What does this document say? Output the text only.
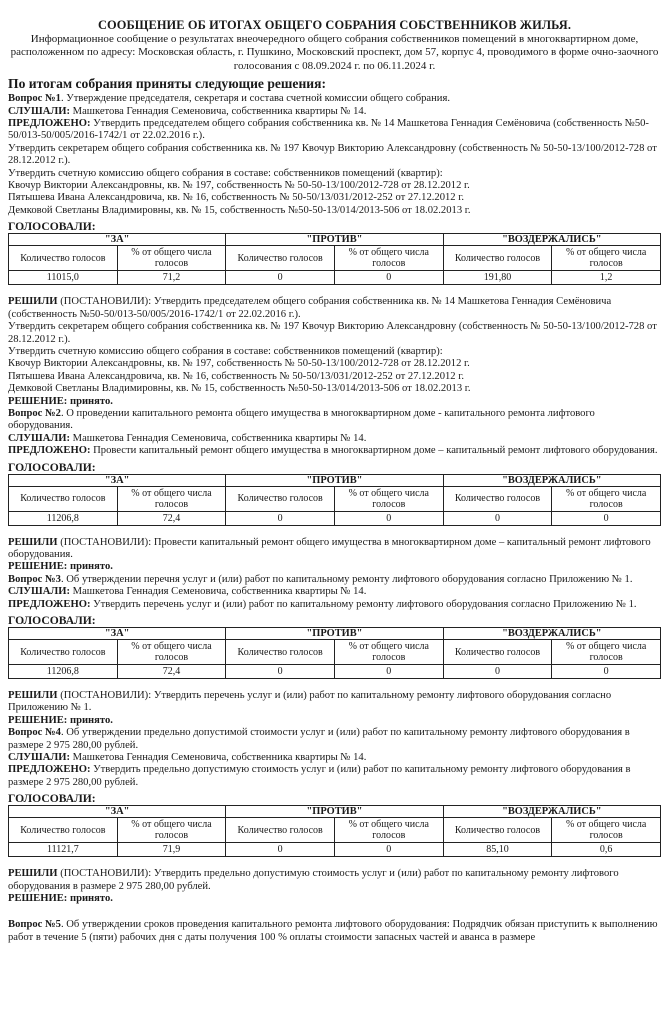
СООБЩЕНИЕ ОБ ИТОГАХ ОБЩЕГО СОБРАНИЯ СОБСТВЕННИКОВ ЖИЛЬЯ.
Информационное сообщение о результатах внеочередного общего собрания собственников помещений в многоквартирном доме, расположенном по адресу: Московская область, г. Пушкино, Московский проспект, дом 57, корпус 4, проводимого в форме очно-заочного голосования с 08.09.2024 г. по 06.11.2024 г.
По итогам собрания приняты следующие решения:

Вопрос №1. Утверждение председателя, секретаря и состава счетной комиссии общего собрания.

СЛУШАЛИ: Машкетова Геннадия Семеновича, собственника квартиры № 14.

ПРЕДЛОЖЕНО: Утвердить председателем общего собрания собственника кв. № 14 Машкетова Геннадия Семёновича (собственность №50-50/013-50/005/2016-1742/1 от 22.02.2016 г.).

Утвердить секретарем общего собрания собственника кв. № 197 Квочур Викторию Александровну (собственность № 50-50-13/100/2012-728 от 28.12.2012 г.).

Утвердить счетную комиссию общего собрания в составе: собственников помещений (квартир):

Квочур Виктории Александровны, кв. № 197, собственность № 50-50-13/100/2012-728 от 28.12.2012 г.

Пятышева Ивана Александровича, кв. № 16, собственность № 50-50/13/031/2012-252 от 27.12.2012 г.

Демковой Светланы Владимировны, кв. № 15, собственность №50-50-13/014/2013-506 от 18.02.2013 г.

ГОЛОСОВАЛИ:
"ЗА"		"ПРОТИВ"		"ВОЗДЕРЖАЛИСЬ"	
Количество голосов	% от общего числа голосов	Количество голосов	% от общего числа голосов	Количество голосов	% от общего числа голосов
11015,0	71,2	0	0	191,80	1,2

РЕШИЛИ (ПОСТАНОВИЛИ): Утвердить председателем общего собрания собственника кв. № 14 Машкетова Геннадия Семёновича (собственность №50-50/013-50/005/2016-1742/1 от 22.02.2016 г.).

Утвердить секретарем общего собрания собственника кв. № 197 Квочур Викторию Александровну (собственность № 50-50-13/100/2012-728 от 28.12.2012 г.).

Утвердить счетную комиссию общего собрания в составе: собственников помещений (квартир):

Квочур Виктории Александровны, кв. № 197, собственность № 50-50-13/100/2012-728 от 28.12.2012 г.

Пятышева Ивана Александровича, кв. № 16, собственность № 50-50/13/031/2012-252 от 27.12.2012 г.

Демковой Светланы Владимировны, кв. № 15, собственность №50-50-13/014/2013-506 от 18.02.2013 г.

РЕШЕНИЕ: принято.

Вопрос №2. О проведении капитального ремонта общего имущества в многоквартирном доме - капитального ремонта лифтового оборудования.

СЛУШАЛИ: Машкетова Геннадия Семеновича, собственника квартиры № 14.

ПРЕДЛОЖЕНО: Провести капитальный ремонт общего имущества в многоквартирном доме – капитальный ремонт лифтового оборудования.

ГОЛОСОВАЛИ:
"ЗА"		"ПРОТИВ"		"ВОЗДЕРЖАЛИСЬ"	
Количество голосов	% от общего числа голосов	Количество голосов	% от общего числа голосов	Количество голосов	% от общего числа голосов
11206,8	72,4	0	0	0	0

РЕШИЛИ (ПОСТАНОВИЛИ): Провести капитальный ремонт общего имущества в многоквартирном доме – капитальный ремонт лифтового оборудования.

РЕШЕНИЕ: принято.

Вопрос №3. Об утверждении перечня услуг и (или) работ по капитальному ремонту лифтового оборудования согласно Приложению № 1.

СЛУШАЛИ: Машкетова Геннадия Семеновича, собственника квартиры № 14.

ПРЕДЛОЖЕНО: Утвердить перечень услуг и (или) работ по капитальному ремонту лифтового оборудования согласно Приложению № 1.

ГОЛОСОВАЛИ:
"ЗА"		"ПРОТИВ"		"ВОЗДЕРЖАЛИСЬ"	
Количество голосов	% от общего числа голосов	Количество голосов	% от общего числа голосов	Количество голосов	% от общего числа голосов
11206,8	72,4	0	0	0	0

РЕШИЛИ (ПОСТАНОВИЛИ): Утвердить перечень услуг и (или) работ по капитальному ремонту лифтового оборудования согласно Приложению № 1.

РЕШЕНИЕ: принято.

Вопрос №4. Об утверждении предельно допустимой стоимости услуг и (или) работ по капитальному ремонту лифтового оборудования в размере 2 975 280,00 рублей.

СЛУШАЛИ: Машкетова Геннадия Семеновича, собственника квартиры № 14.

ПРЕДЛОЖЕНО: Утвердить предельно допустимую стоимость услуг и (или) работ по капитальному ремонту лифтового оборудования в размере 2 975 280,00 рублей.

ГОЛОСОВАЛИ:
"ЗА"		"ПРОТИВ"		"ВОЗДЕРЖАЛИСЬ"	
Количество голосов	% от общего числа голосов	Количество голосов	% от общего числа голосов	Количество голосов	% от общего числа голосов
11121,7	71,9	0	0	85,10	0,6

РЕШИЛИ (ПОСТАНОВИЛИ): Утвердить предельно допустимую стоимость услуг и (или) работ по капитальному ремонту лифтового оборудования в размере 2 975 280,00 рублей.

РЕШЕНИЕ: принято.

Вопрос №5. Об утверждении сроков проведения капитального ремонта лифтового оборудования: Подрядчик обязан приступить к выполнению работ в течение 5 (пяти) рабочих дня с даты получения 100 % оплаты стоимости запасных частей и аванса в размере
